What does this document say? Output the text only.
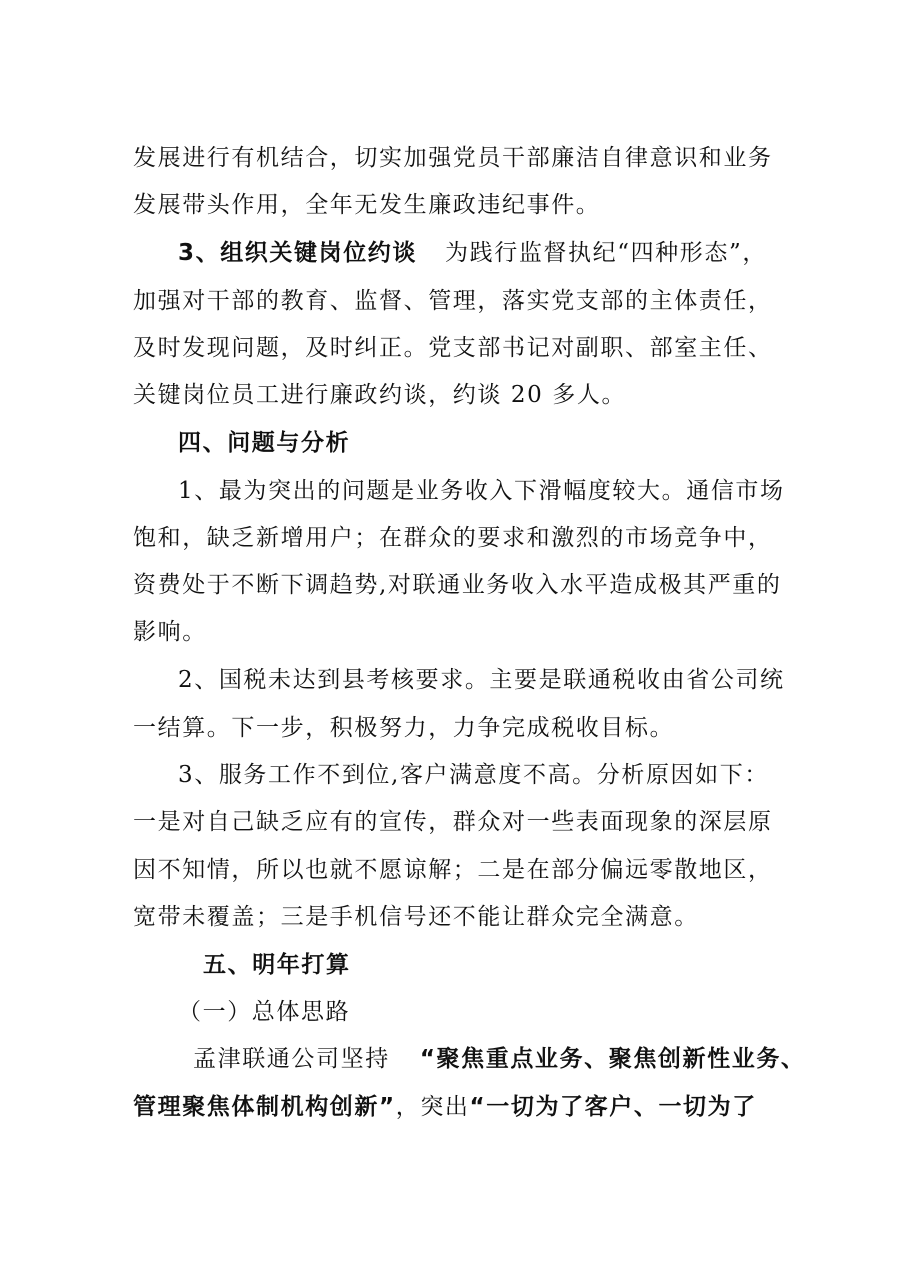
发展进行有机结合，切实加强党员干部廉洁自律意识和业务
发展带头作用，全年无发生廉政违纪事件。
3、组织关键岗位约谈 为践行监督执纪“四种形态”，
加强对干部的教育、监督、管理，落实党支部的主体责任，
及时发现问题，及时纠正。党支部书记对副职、部室主任、
关键岗位员工进行廉政约谈，约谈 20 多人。
四、问题与分析
1、最为突出的问题是业务收入下滑幅度较大。通信市场
饱和，缺乏新增用户；在群众的要求和激烈的市场竞争中，
资费处于不断下调趋势,对联通业务收入水平造成极其严重的
影响。
2、国税未达到县考核要求。主要是联通税收由省公司统
一结算。下一步，积极努力，力争完成税收目标。
3、服务工作不到位,客户满意度不高。分析原因如下：
一是对自己缺乏应有的宣传，群众对一些表面现象的深层原
因不知情，所以也就不愿谅解；二是在部分偏远零散地区，
宽带未覆盖；三是手机信号还不能让群众完全满意。
五、明年打算
（一）总体思路
孟津联通公司坚持 “聚焦重点业务、聚焦创新性业务、
管理聚焦体制机构创新”，突出“一切为了客户、一切为了
